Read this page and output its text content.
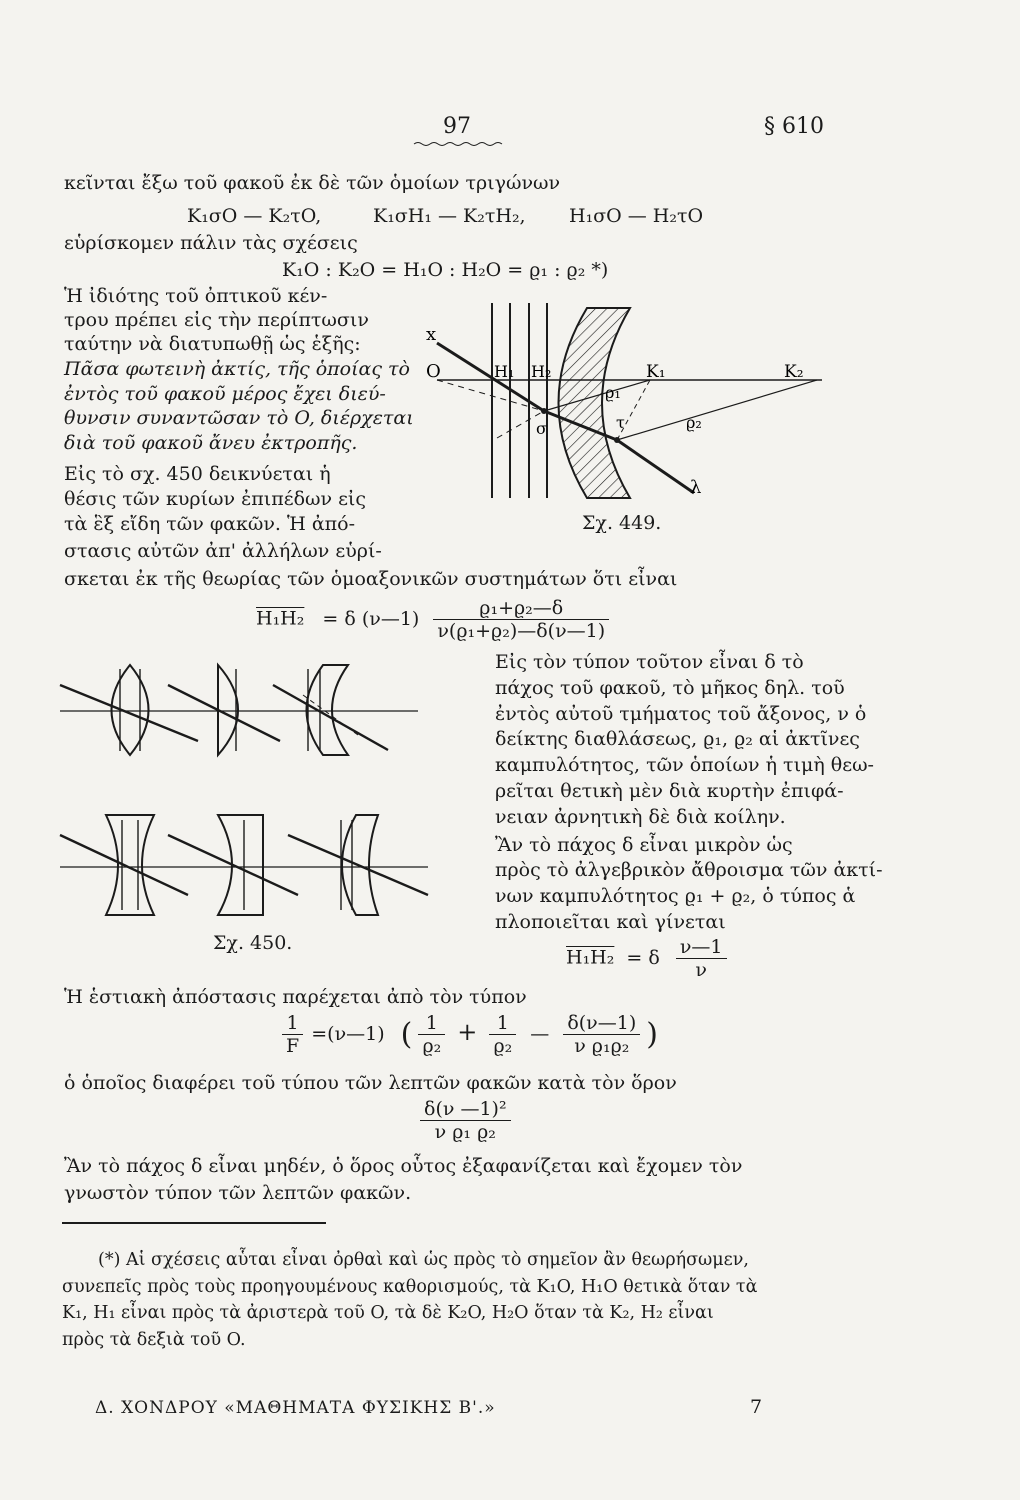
97	§ 610
κεῖνται ἔξω τοῦ φακοῦ ἐκ δὲ τῶν ὁμοίων τριγώνων
K₁σO — K₂τO,	K₁σH₁ — K₂τH₂, H₁σO — H₂τO
εὑρίσκομεν πάλιν τὰς σχέσεις
K₁O : K₂O = H₁O : H₂O = ϱ₁ : ϱ₂ *)
Ἡ ἰδιότης τοῦ ὀπτικοῦ κέν-
τρου πρέπει εἰς τὴν περίπτωσιν
ταύτην νὰ διατυπωθῇ ὡς ἑξῆς:
Πᾶσα φωτεινὴ ἀκτίς, τῆς ὁποίας τὸ
ἐντὸς τοῦ φακοῦ μέρος ἔχει διεύ-
θυνσιν συναντῶσαν τὸ O, διέρχεται
διὰ τοῦ φακοῦ ἄνευ ἐκτροπῆς.
Εἰς τὸ σχ. 450 δεικνύεται ἡ
θέσις τῶν κυρίων ἐπιπέδων εἰς
τὰ ἓξ εἴδη τῶν φακῶν. Ἡ ἀπό-
στασις αὐτῶν ἀπ' ἀλλήλων εὑρί-
σκεται ἐκ τῆς θεωρίας τῶν ὁμοαξονικῶν συστημάτων ὅτι εἶναι
x
O	H₁ H₂	K₁	K₂
ϱ₁
ϱ₂
σ	τ
λ
Σχ. 449.
H₁H₂ = δ (ν—1) $\frac{\text{ϱ₁+ϱ₂—δ}}{\text{ν(ϱ₁+ϱ₂)—δ(ν—1)}}$
Σχ. 450.
Εἰς τὸν τύπον τοῦτον εἶναι δ τὸ
πάχος τοῦ φακοῦ, τὸ μῆκος δηλ. τοῦ
ἐντὸς αὐτοῦ τμήματος τοῦ ἄξονος, ν ὁ
δείκτης διαθλάσεως, ϱ₁, ϱ₂ αἱ ἀκτῖνες
καμπυλότητος, τῶν ὁποίων ἡ τιμὴ θεω-
ρεῖται θετικὴ μὲν διὰ κυρτὴν ἐπιφά-
νειαν ἀρνητικὴ δὲ διὰ κοίλην.
Ἂν τὸ πάχος δ εἶναι μικρὸν ὡς
πρὸς τὸ ἀλγεβρικὸν ἄθροισμα τῶν ἀκτί-
νων καμπυλότητος ϱ₁ + ϱ₂, ὁ τύπος ἁ
πλοποιεῖται καὶ γίνεται
H₁H₂ = δ $\frac{\nu—1}{\nu}$
Ἡ ἑστιακὴ ἀπόστασις παρέχεται ἀπὸ τὸν τύπον
$\frac{1}{F}$ =(ν—1) ( $\frac{1}{\text{ϱ₂}} + \frac{1}{\text{ϱ₂}}$ — $\frac{\delta(\nu—1)}{\text{ν ϱ₁ϱ₂}}$ )
ὁ ὁποῖος διαφέρει τοῦ τύπου τῶν λεπτῶν φακῶν κατὰ τὸν ὅρον
$\frac{\text{δ(ν —1)²}}{\text{ν ϱ₁ ϱ₂}}$
Ἂν τὸ πάχος δ εἶναι μηδέν, ὁ ὅρος οὗτος ἐξαφανίζεται καὶ ἔχομεν τὸν
γνωστὸν τύπον τῶν λεπτῶν φακῶν.
(*) Αἱ σχέσεις αὗται εἶναι ὀρθαὶ καὶ ὡς πρὸς τὸ σημεῖον ἂν θεωρήσωμεν,
συνεπεῖς πρὸς τοὺς προηγουμένους καθορισμούς, τὰ K₁O, H₁O θετικὰ ὅταν τὰ
K₁, H₁ εἶναι πρὸς τὰ ἀριστερὰ τοῦ O, τὰ δὲ K₂O, H₂O ὅταν τὰ K₂, H₂ εἶναι
πρὸς τὰ δεξιὰ τοῦ O.
Δ. ΧΟΝΔΡΟΥ «ΜΑΘΗΜΑΤΑ ΦΥΣΙΚΗΣ Β'.»	7
